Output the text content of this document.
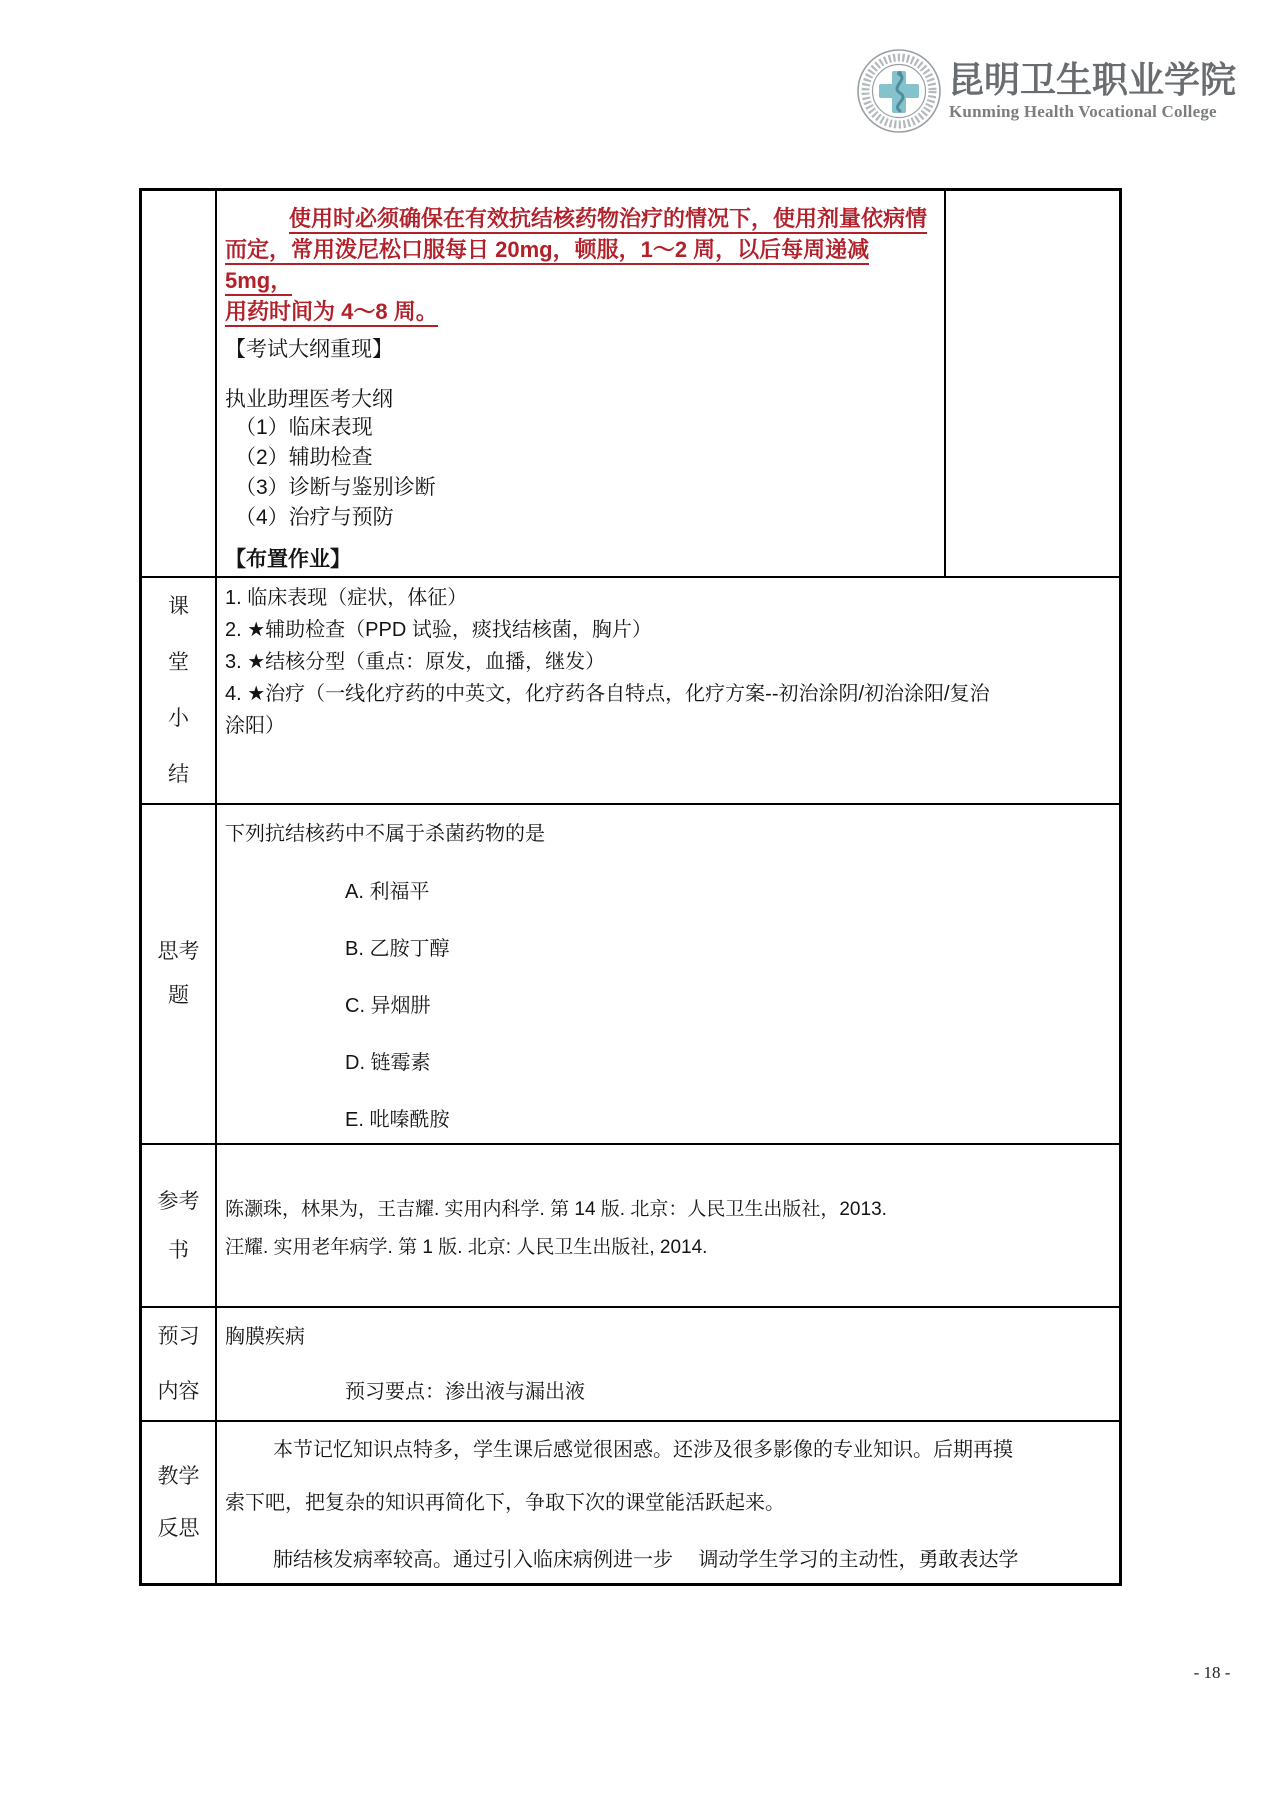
昆明卫生职业学院
Kunming Health Vocational College
使用时必须确保在有效抗结核药物治疗的情况下，使用剂量依病情
而定，常用泼尼松口服每日 20mg，顿服，1～2 周，以后每周递减 5mg，
用药时间为 4～8 周。
【考试大纲重现】
执业助理医考大纲
（1）临床表现
（2）辅助检查
（3）诊断与鉴别诊断
（4）治疗与预防
【布置作业】
课堂小结
1. 临床表现（症状，体征）
2. ★辅助检查（PPD 试验，痰找结核菌，胸片）
3. ★结核分型（重点：原发，血播，继发）
4. ★治疗（一线化疗药的中英文，化疗药各自特点，化疗方案--初治涂阴/初治涂阳/复治
涂阳）
思考题
下列抗结核药中不属于杀菌药物的是
A. 利福平
B. 乙胺丁醇
C. 异烟肼
D. 链霉素
E. 吡嗪酰胺
参考书
陈灏珠，林果为，王吉耀. 实用内科学. 第 14 版. 北京：人民卫生出版社，2013.
汪耀. 实用老年病学. 第 1 版. 北京: 人民卫生出版社, 2014.
预习内容
胸膜疾病
预习要点：渗出液与漏出液
教学反思
本节记忆知识点特多，学生课后感觉很困惑。还涉及很多影像的专业知识。后期再摸
索下吧，把复杂的知识再简化下，争取下次的课堂能活跃起来。
肺结核发病率较高。通过引入临床病例进一步　 调动学生学习的主动性，勇敢表达学
- 18 -
